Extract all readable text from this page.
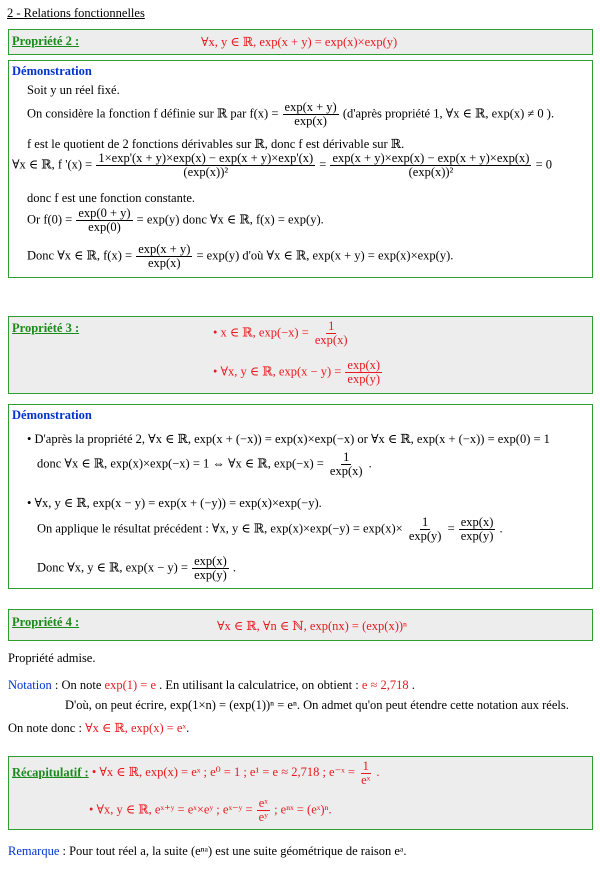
2 - Relations fonctionnelles
Propriété 2 :	∀x, y ∈ ℝ, exp(x + y) = exp(x)×exp(y)
Démonstration
Soit y un réel fixé.
On considère la fonction f définie sur ℝ par $f(x) = \frac{\exp(x + y)}{\exp(x)}$ (d'après propriété 1, ∀x ∈ ℝ, exp(x) ≠ 0 ).
f est le quotient de 2 fonctions dérivables sur ℝ, donc f est dérivable sur ℝ.
∀x ∈ ℝ, f '$(x) = \frac{1\times\exp'(x + y)\times\exp(x) - \exp(x + y)\times\exp'(x)}{\text{(exp(x))²}} = \frac{\exp(x + y)\times\exp(x) - \exp(x + y)\times\exp(x)}{\text{(exp(x))²}} = 0$
donc f est une fonction constante.
Or $f(0) = \frac{\exp(0 + y)}{\exp(0)} = \exp(y)$ donc ∀x ∈ ℝ, f(x) = exp(y).
Donc ∀x ∈ ℝ, $f(x) = \frac{\exp(x + y)}{\exp(x)} = \exp(y)$ d'où ∀x ∈ ℝ, exp(x + y) = exp(x)×exp(y).
Propriété 3 :	• x ∈ ℝ, $\exp(-x) = \frac{1}{\exp(x)}$
• ∀x, y ∈ ℝ, $\exp(x - y) = \frac{\exp(x)}{\exp(y)}$
Démonstration
• D'après la propriété 2, ∀x ∈ ℝ, exp(x + (−x)) = exp(x)×exp(−x) or ∀x ∈ ℝ, exp(x + (−x)) = exp(0) = 1
donc ∀x ∈ ℝ, exp(x)×exp(−x) = 1 ⇔ ∀x ∈ ℝ, $\exp(-x) = \frac{1}{\exp(x)}$ .
• ∀x, y ∈ ℝ, exp(x − y) = exp(x + (−y)) = exp(x)×exp(−y).
On applique le résultat précédent : ∀x, y ∈ ℝ, $\exp(x)\times\exp(-y) = \exp(x)\times \frac{1}{\exp(y)} = \frac{\exp(x)}{\exp(y)}$ .
Donc ∀x, y ∈ ℝ, $\exp(x - y) = \frac{\exp(x)}{\exp(y)}$ .
Propriété 4 :	∀x ∈ ℝ, ∀n ∈ ℕ, exp(nx) = (exp(x))ⁿ
Propriété admise.
Notation : On note exp(1) = e . En utilisant la calculatrice, on obtient : e ≈ 2,718 .
D'où, on peut écrire, exp(1×n) = (exp(1))ⁿ = eⁿ. On admet qu'on peut étendre cette notation aux réels.
On note donc : ∀x ∈ ℝ, exp(x) = eˣ.
Récapitulatif : • ∀x ∈ ℝ, exp(x) = eˣ ; e⁰ = 1 ; e¹ = e ≈ 2,718 ; e⁻ˣ = $\frac{1}{\text{eˣ}}$ .
• ∀x, y ∈ ℝ, eˣ⁺ʸ = eˣ×eʸ ; eˣ⁻ʸ = $\frac{\text{eˣ}}{\text{eʸ}}$ ; eⁿˣ = (eˣ)ⁿ.
Remarque : Pour tout réel a, la suite (eⁿᵃ) est une suite géométrique de raison eᵃ.
